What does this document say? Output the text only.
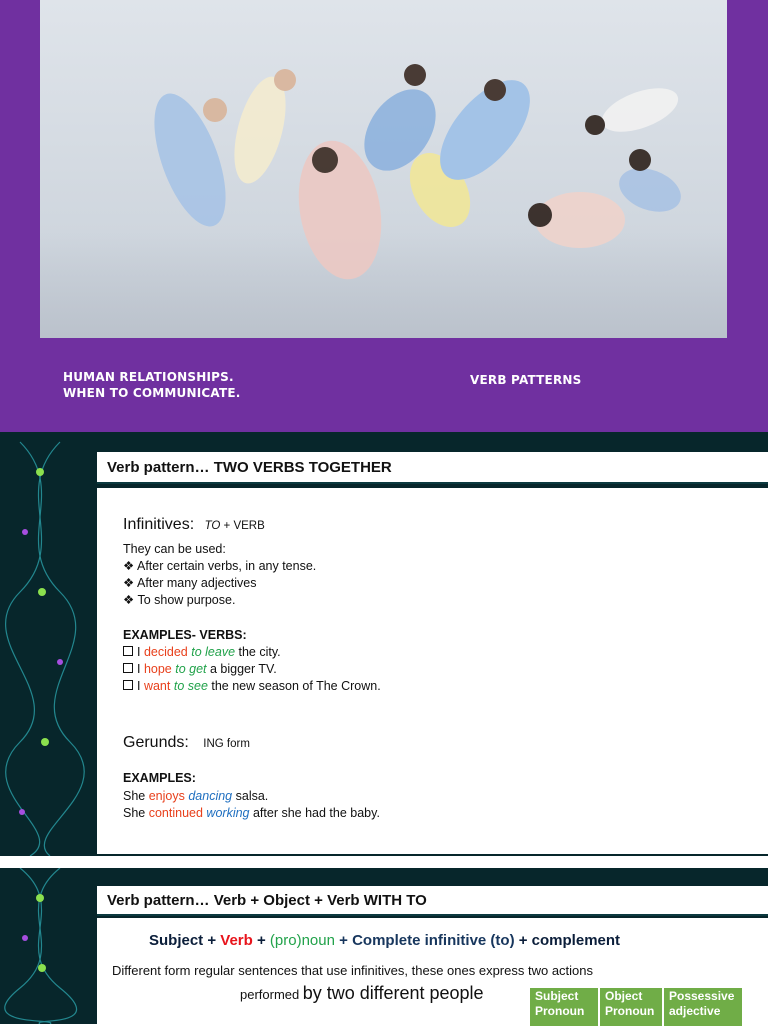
HUMAN RELATIONSHIPS.
WHEN TO COMMUNICATE.
VERB PATTERNS
Verb pattern… TWO VERBS TOGETHER
Infinitives: TO + VERB
They can be used:
❖ After certain verbs, in any tense.
❖ After many adjectives
❖ To show purpose.
EXAMPLES- VERBS:
I decided to leave the city.
I hope to get a bigger TV.
I want to see the new season of The Crown.
Gerunds: ING form
EXAMPLES:
She enjoys dancing salsa.
She continued working after she had the baby.
Verb pattern… Verb + Object + Verb WITH TO
Subject + Verb + (pro)noun + Complete infinitive (to) + complement
Different form regular sentences that use infinitives, these ones express two actions
performed by two different people	Subject
Pronoun
Object
Pronoun
Possessive
adjective
